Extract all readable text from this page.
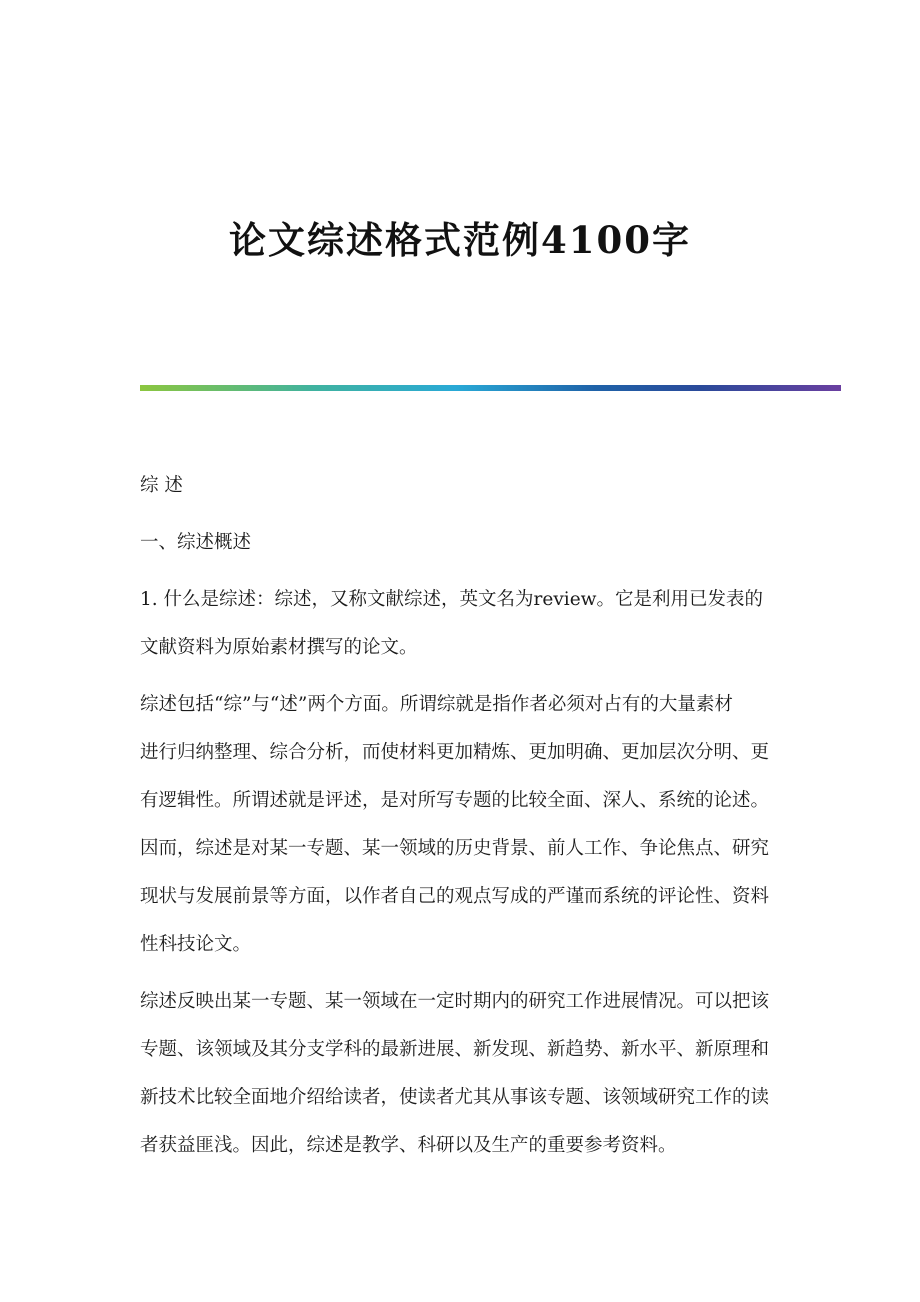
论文综述格式范例4100字

综 述

一、综述概述

1. 什么是综述：综述，又称文献综述，英文名为review。它是利用已发表的

文献资料为原始素材撰写的论文。

综述包括“综”与“述”两个方面。所谓综就是指作者必须对占有的大量素材

进行归纳整理、综合分析，而使材料更加精炼、更加明确、更加层次分明、更

有逻辑性。所谓述就是评述，是对所写专题的比较全面、深人、系统的论述。

因而，综述是对某一专题、某一领域的历史背景、前人工作、争论焦点、研究

现状与发展前景等方面，以作者自己的观点写成的严谨而系统的评论性、资料

性科技论文。

综述反映出某一专题、某一领域在一定时期内的研究工作进展情况。可以把该

专题、该领域及其分支学科的最新进展、新发现、新趋势、新水平、新原理和

新技术比较全面地介绍给读者，使读者尤其从事该专题、该领域研究工作的读

者获益匪浅。因此，综述是教学、科研以及生产的重要参考资料。
